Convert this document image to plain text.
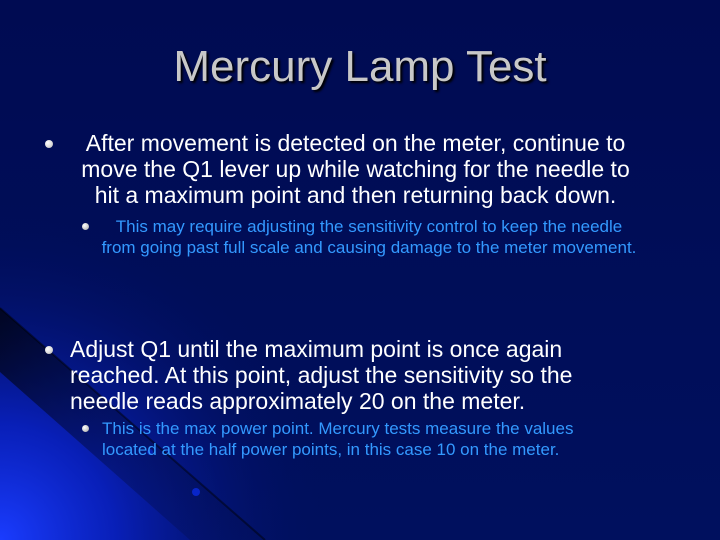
Mercury Lamp Test
After movement is detected on the meter, continue to move the Q1 lever up while watching for the needle to hit a maximum point and then returning back down.
This may require adjusting the sensitivity control to keep the needle from going past full scale and causing damage to the meter movement.
Adjust Q1 until the maximum point is once again reached. At this point, adjust the sensitivity so the needle reads approximately 20 on the meter.
This is the max power point. Mercury tests measure the values located at the half power points, in this case 10 on the meter.
